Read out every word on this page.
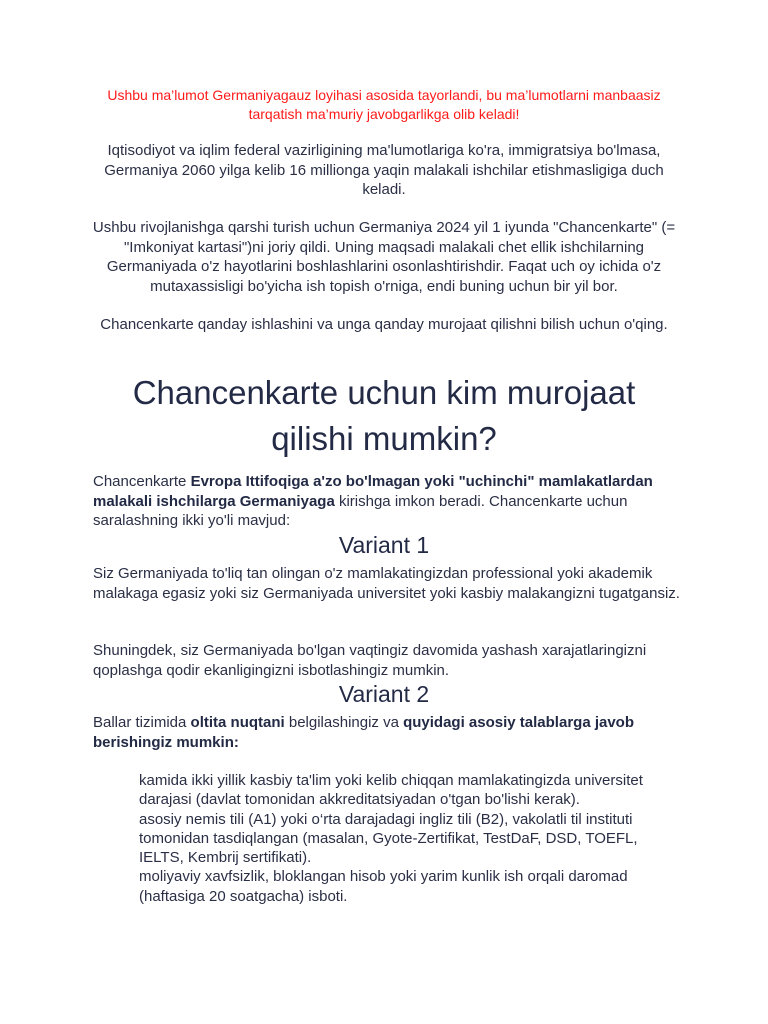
Ushbu ma’lumot Germaniyagauz loyihasi asosida tayorlandi, bu ma’lumotlarni manbaasiz tarqatish ma’muriy javobgarlikga olib keladi!
Iqtisodiyot va iqlim federal vazirligining ma'lumotlariga ko'ra, immigratsiya bo'lmasa, Germaniya 2060 yilga kelib 16 millionga yaqin malakali ishchilar etishmasligiga duch keladi.
Ushbu rivojlanishga qarshi turish uchun Germaniya 2024 yil 1 iyunda "Chancenkarte" (= "Imkoniyat kartasi")ni joriy qildi. Uning maqsadi malakali chet ellik ishchilarning Germaniyada o'z hayotlarini boshlashlarini osonlashtirishdir. Faqat uch oy ichida o'z mutaxassisligi bo'yicha ish topish o'rniga, endi buning uchun bir yil bor.
Chancenkarte qanday ishlashini va unga qanday murojaat qilishni bilish uchun o'qing.
Chancenkarte uchun kim murojaat qilishi mumkin?
Chancenkarte Evropa Ittifoqiga a'zo bo'lmagan yoki "uchinchi" mamlakatlardan malakali ishchilarga Germaniyaga kirishga imkon beradi. Chancenkarte uchun saralashning ikki yo'li mavjud:
Variant 1
Siz Germaniyada to'liq tan olingan o'z mamlakatingizdan professional yoki akademik malakaga egasiz yoki siz Germaniyada universitet yoki kasbiy malakangizni tugatgansiz.
Shuningdek, siz Germaniyada bo'lgan vaqtingiz davomida yashash xarajatlaringizni qoplashga qodir ekanligingizni isbotlashingiz mumkin.
Variant 2
Ballar tizimida oltita nuqtani belgilashingiz va quyidagi asosiy talablarga javob berishingiz mumkin:
kamida ikki yillik kasbiy ta'lim yoki kelib chiqqan mamlakatingizda universitet darajasi (davlat tomonidan akkreditatsiyadan o'tgan bo'lishi kerak).
asosiy nemis tili (A1) yoki o‘rta darajadagi ingliz tili (B2), vakolatli til instituti tomonidan tasdiqlangan (masalan, Gyote-Zertifikat, TestDaF, DSD, TOEFL, IELTS, Kembrij sertifikati).
moliyaviy xavfsizlik, bloklangan hisob yoki yarim kunlik ish orqali daromad (haftasiga 20 soatgacha) isboti.
